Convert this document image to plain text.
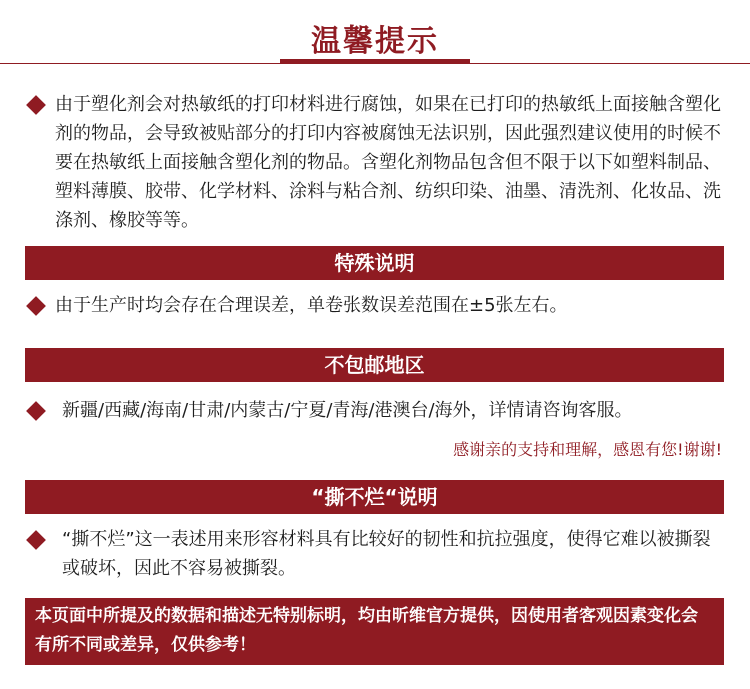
温馨提示
由于塑化剂会对热敏纸的打印材料进行腐蚀，如果在已打印的热敏纸上面接触含塑化剂的物品，会导致被贴部分的打印内容被腐蚀无法识别，因此强烈建议使用的时候不要在热敏纸上面接触含塑化剂的物品。含塑化剂物品包含但不限于以下如塑料制品、塑料薄膜、胶带、化学材料、涂料与粘合剂、纺织印染、油墨、清洗剂、化妆品、洗涤剂、橡胶等等。
特殊说明
由于生产时均会存在合理误差，单卷张数误差范围在±5张左右。
不包邮地区
新疆/西藏/海南/甘肃/内蒙古/宁夏/青海/港澳台/海外，详情请咨询客服。
感谢亲的支持和理解，感恩有您!谢谢!
“撕不烂“说明
“撕不烂”这一表述用来形容材料具有比较好的韧性和抗拉强度，使得它难以被撕裂或破坏，因此不容易被撕裂。
本页面中所提及的数据和描述无特别标明，均由昕维官方提供，因使用者客观因素变化会有所不同或差异，仅供参考！
